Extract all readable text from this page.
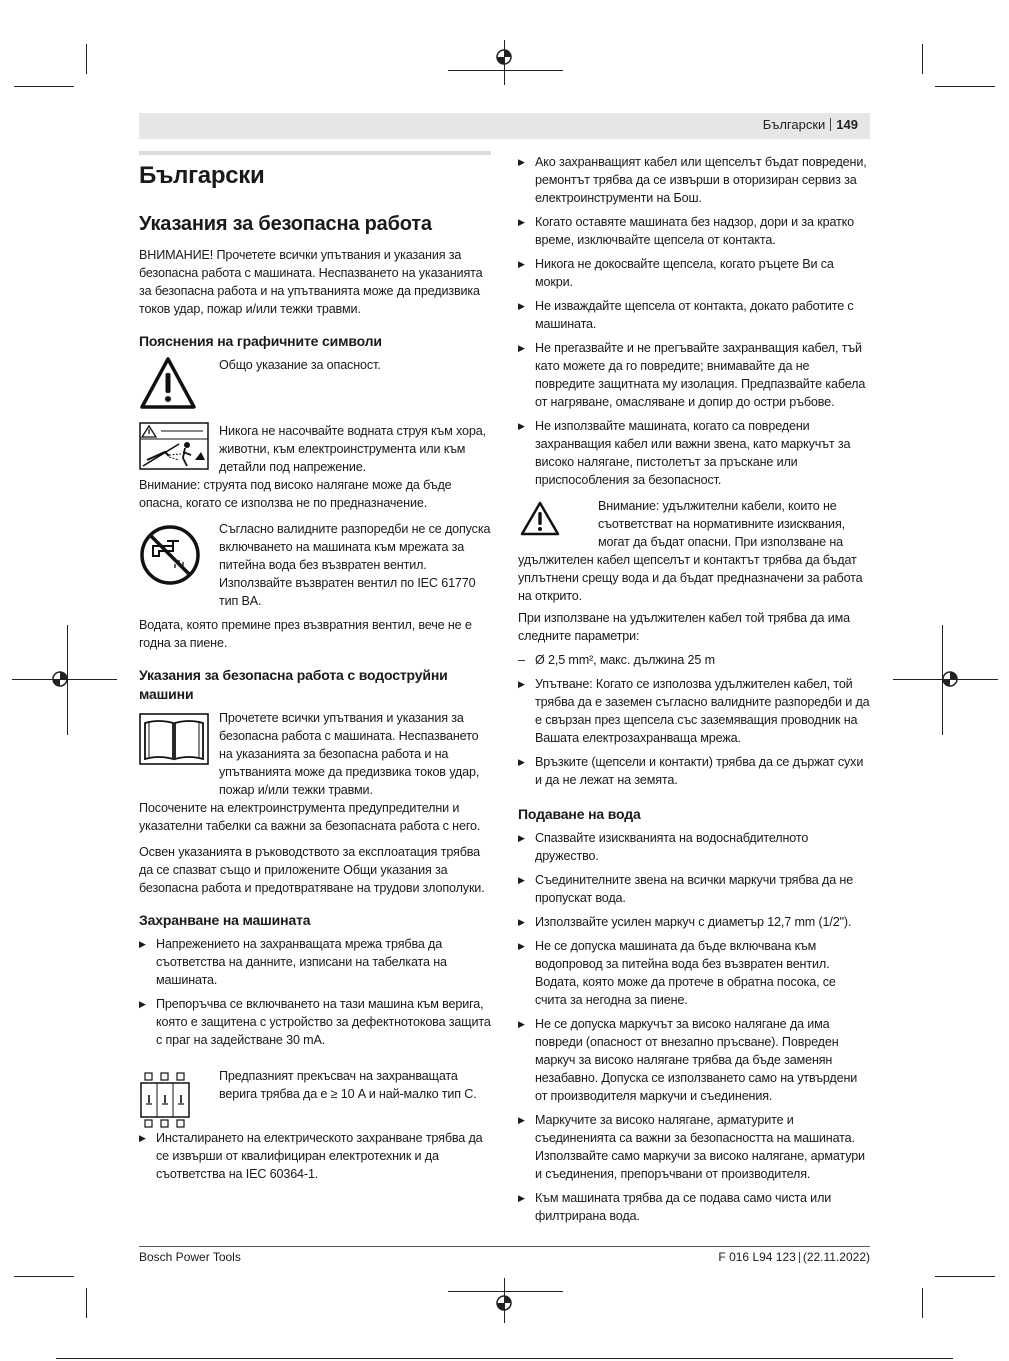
Български 149
Български
Указания за безопасна работа

ВНИМАНИЕ! Прочетете всички упътвания и указания за безопасна работа с машината. Неспазването на указанията за безопасна работа и на упътванията може да предизвика токов удар, пожар и/или тежки травми.

Пояснения на графичните символи
Общо указание за опасност.
Никога не насочвайте водната струя към хора, животни, към електроинструмента или към детайли под напрежение.

Внимание: струята под високо налягане може да бъде опасна, когато се използва не по предназначение.

Съгласно валидните разпоредби не се допуска включването на машината към мрежата за питейна вода без възвратен вентил. Използвайте възвратен вентил по IEC 61770 тип BA.

Водата, която премине през възвратния вентил, вече не е годна за пиене.

Указания за безопасна работа с водоструйни машини
Прочетете всички упътвания и указания за безопасна работа с машината. Неспазването на указанията за безопасна работа и на упътванията може да предизвика токов удар, пожар и/или тежки травми.

Посочените на електроинструмента предупредителни и указателни табелки са важни за безопасната работа с него.

Освен указанията в ръководството за експлоатация трябва да се спазват също и приложените Общи указания за безопасна работа и предотвратяване на трудови злополуки.

Захранване на машината
▶ Напрежението на захранващата мрежа трябва да съответства на данните, изписани на табелката на машината.
▶ Препоръчва се включването на тази машина към верига, която е защитена с устройство за дефектнотокова защита с праг на задействане 30 mA.
Предпазният прекъсвач на захранващата верига трябва да е ≥ 10 A и най-малко тип C.
▶ Инсталирането на електрическото захранване трябва да се извърши от квалифициран електротехник и да съответства на IEC 60364-1.
▶ Ако захранващият кабел или щепселът бъдат повредени, ремонтът трябва да се извърши в оторизиран сервиз за електроинструменти на Бош.
▶ Когато оставяте машината без надзор, дори и за кратко време, изключвайте щепсела от контакта.
▶ Никога не докосвайте щепсела, когато ръцете Ви са мокри.
▶ Не изваждайте щепсела от контакта, докато работите с машината.
▶ Не прегазвайте и не прегъвайте захранващия кабел, тъй като можете да го повредите; внимавайте да не повредите защитната му изолация. Предпазвайте кабела от нагряване, омасляване и допир до остри ръбове.
▶ Не използвайте машината, когато са повредени захранващия кабел или важни звена, като маркучът за високо налягане, пистолетът за пръскане или приспособления за безопасност.
Внимание: удължителни кабели, които не съответстват на нормативните изисквания, могат да бъдат опасни. При използване на

удължителен кабел щепселът и контактът трябва да бъдат уплътнени срещу вода и да бъдат предназначени за работа на открито.

При използване на удължителен кабел той трябва да има следните параметри:

– Ø 2,5 mm², макс. дължина 25 m
▶ Упътване: Когато се изполозва удължителен кабел, той трябва да е заземен съгласно валидните разпоредби и да е свързан през щепсела със заземяващия проводник на Вашата електрозахранваща мрежа.
▶ Връзките (щепсели и контакти) трябва да се държат сухи и да не лежат на земята.
Подаване на вода
▶ Спазвайте изискванията на водоснабдителното дружество.
▶ Съединителните звена на всички маркучи трябва да не пропускат вода.
▶ Използвайте усилен маркуч с диаметър 12,7 mm (1/2").
▶ Не се допуска машината да бъде включвана към водопровод за питейна вода без възвратен вентил. Водата, която може да протече в обратна посока, се счита за негодна за пиене.
▶ Не се допуска маркучът за високо налягане да има повреди (опасност от внезапно пръсване). Повреден маркуч за високо налягане трябва да бъде заменян незабавно. Допуска се използването само на утвърдени от производителя маркучи и съединения.
▶ Маркучите за високо налягане, арматурите и съединенията са важни за безопасността на машината. Използвайте само маркучи за високо налягане, арматури и съединения, препоръчвани от производителя.
▶ Към машината трябва да се подава само чиста или филтрирана вода.
Bosch Power Tools	F 016 L94 123 (22.11.2022)
